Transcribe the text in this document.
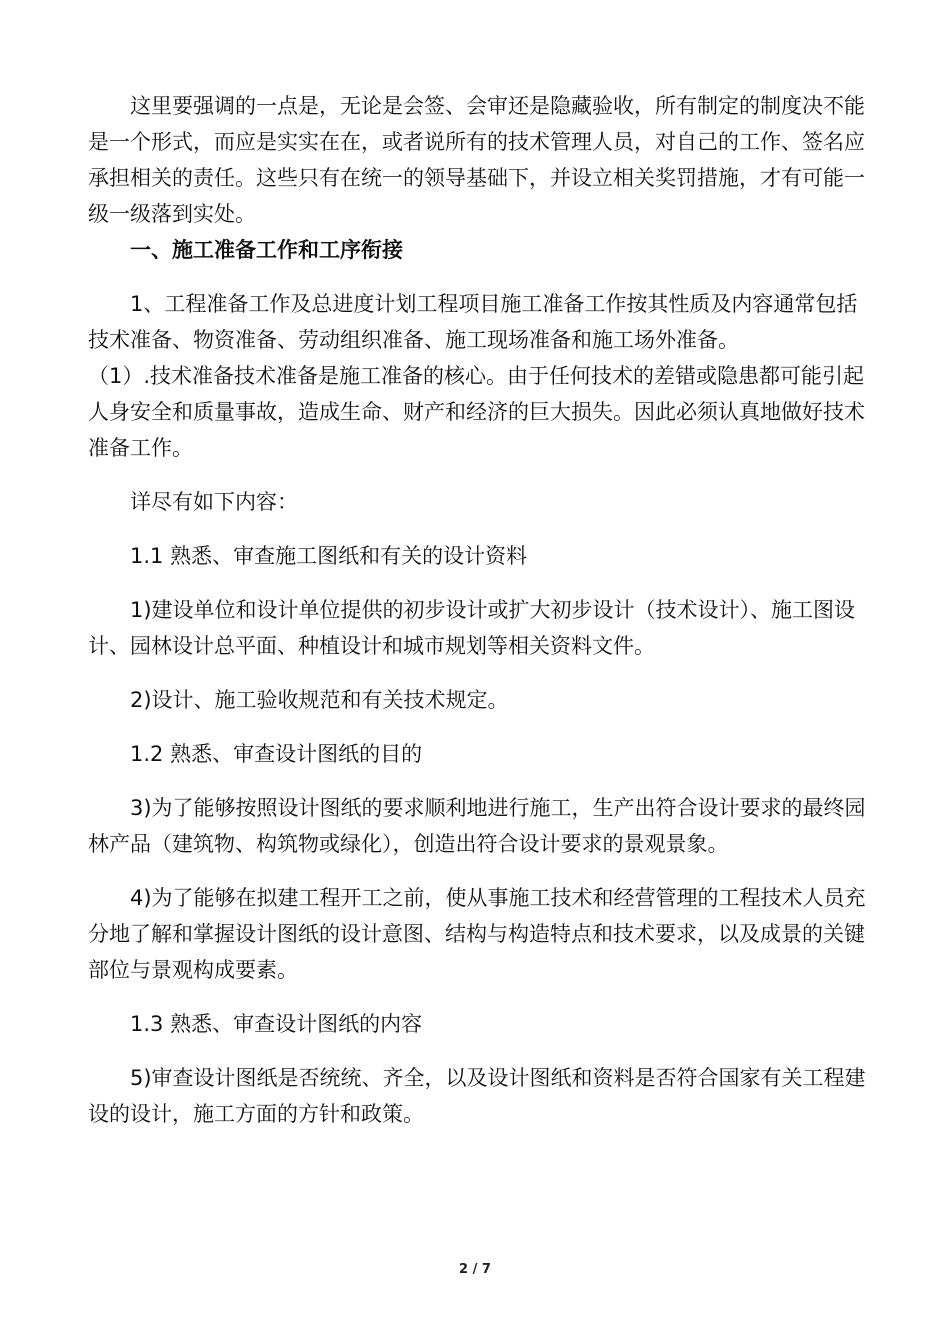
这里要强调的一点是，无论是会签、会审还是隐藏验收，所有制定的制度决不能是一个形式，而应是实实在在，或者说所有的技术管理人员，对自己的工作、签名应承担相关的责任。这些只有在统一的领导基础下，并设立相关奖罚措施，才有可能一级一级落到实处。

一、施工准备工作和工序衔接

1、工程准备工作及总进度计划工程项目施工准备工作按其性质及内容通常包括技术准备、物资准备、劳动组织准备、施工现场准备和施工场外准备。

（1）.技术准备技术准备是施工准备的核心。由于任何技术的差错或隐患都可能引起人身安全和质量事故，造成生命、财产和经济的巨大损失。因此必须认真地做好技术准备工作。

详尽有如下内容：

1.1 熟悉、审查施工图纸和有关的设计资料

1)建设单位和设计单位提供的初步设计或扩大初步设计（技术设计）、施工图设计、园林设计总平面、种植设计和城市规划等相关资料文件。

2)设计、施工验收规范和有关技术规定。

1.2 熟悉、审查设计图纸的目的

3)为了能够按照设计图纸的要求顺利地进行施工，生产出符合设计要求的最终园林产品（建筑物、构筑物或绿化），创造出符合设计要求的景观景象。

4)为了能够在拟建工程开工之前，使从事施工技术和经营管理的工程技术人员充分地了解和掌握设计图纸的设计意图、结构与构造特点和技术要求，以及成景的关键部位与景观构成要素。

1.3 熟悉、审查设计图纸的内容

5)审查设计图纸是否统统、齐全，以及设计图纸和资料是否符合国家有关工程建设的设计，施工方面的方针和政策。

2 / 7
